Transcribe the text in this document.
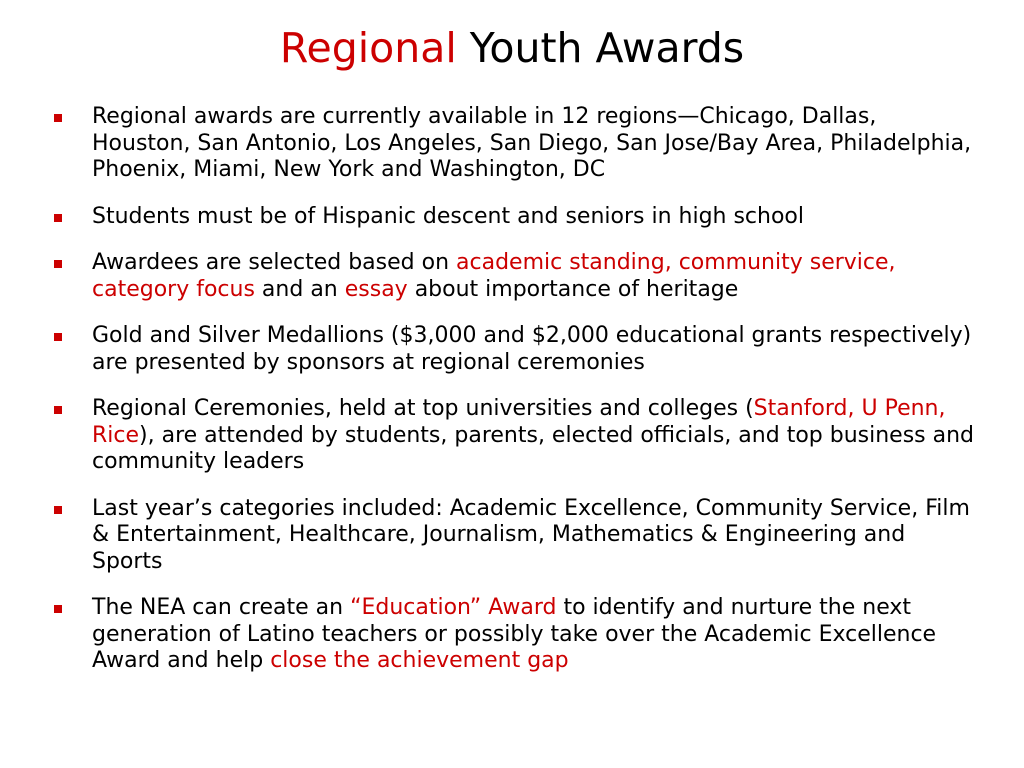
Regional Youth Awards
Regional awards are currently available in 12 regions—Chicago, Dallas, Houston, San Antonio, Los Angeles, San Diego, San Jose/Bay Area, Philadelphia, Phoenix, Miami, New York and Washington, DC
Students must be of Hispanic descent and seniors in high school
Awardees are selected based on academic standing, community service, category focus and an essay about importance of heritage
Gold and Silver Medallions ($3,000 and $2,000 educational grants respectively) are presented by sponsors at regional ceremonies
Regional Ceremonies, held at top universities and colleges (Stanford, U Penn, Rice), are attended by students, parents, elected officials, and top business and community leaders
Last year’s categories included: Academic Excellence, Community Service, Film & Entertainment, Healthcare, Journalism, Mathematics & Engineering and Sports
The NEA can create an “Education” Award to identify and nurture the next generation of Latino teachers or possibly take over the Academic Excellence Award and help close the achievement gap
